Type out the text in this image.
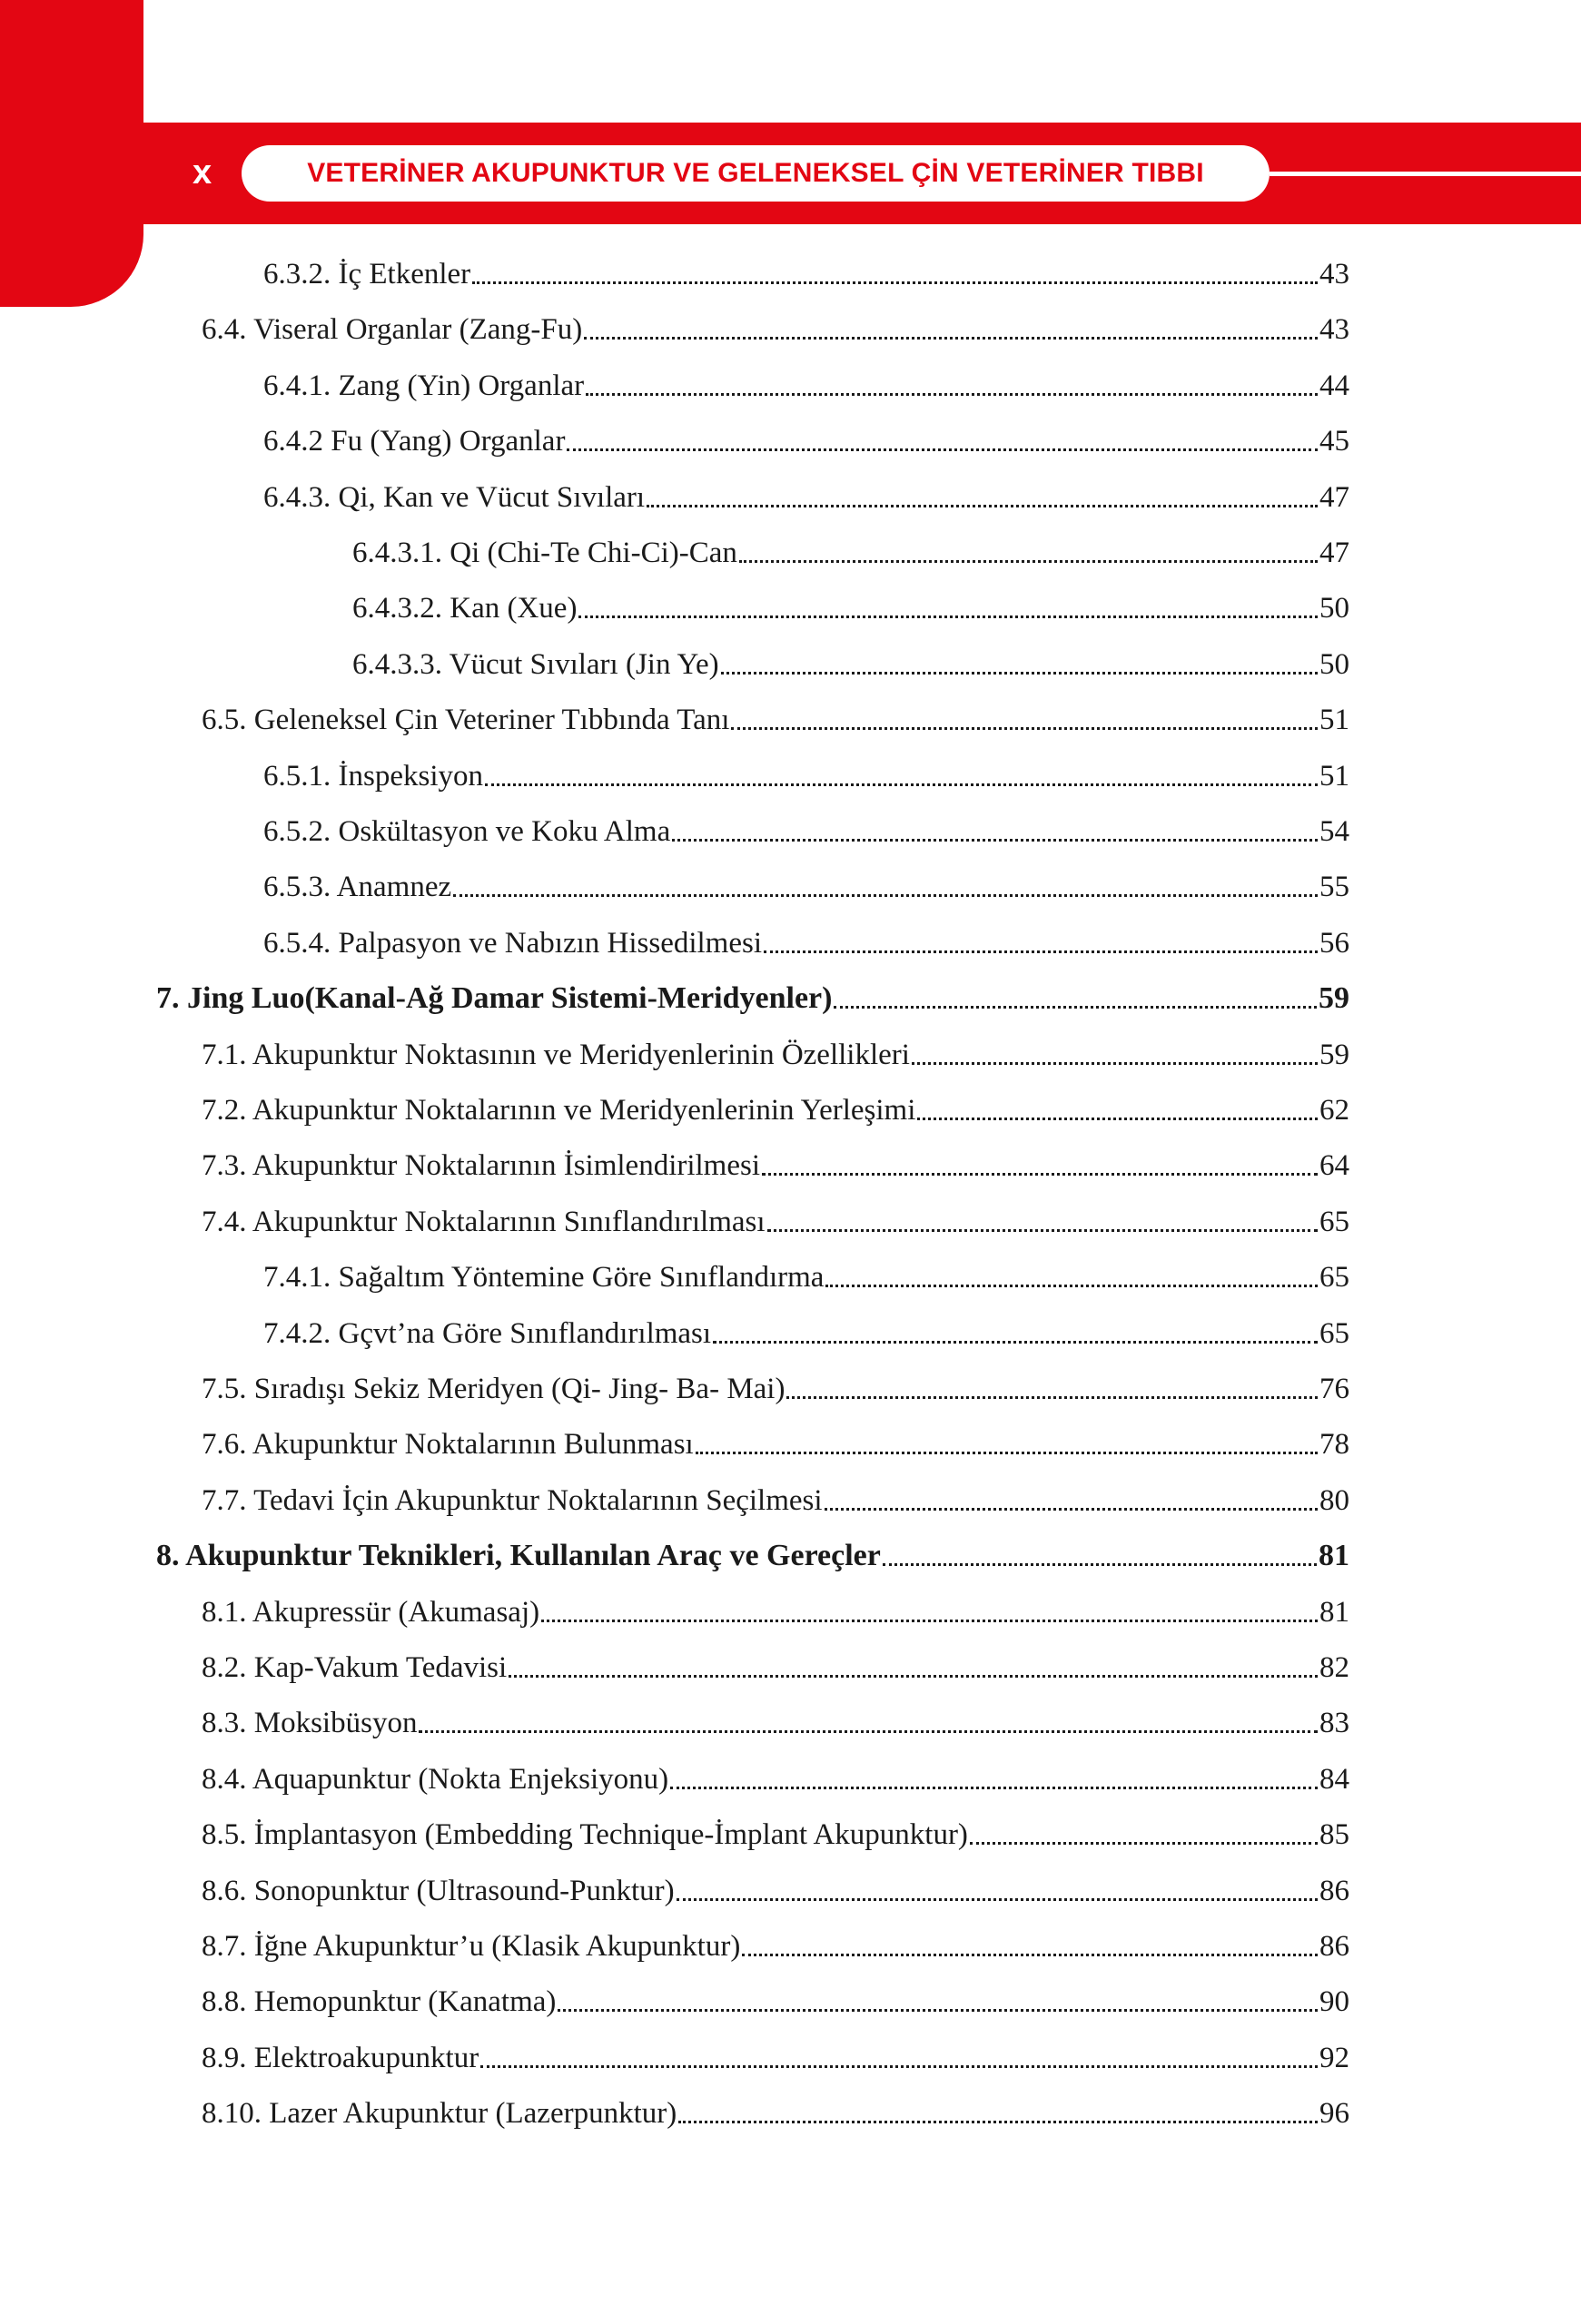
x	VETERİNER AKUPUNKTUR VE GELENEKSEL ÇİN VETERİNER TIBBI
6.3.2. İç Etkenler	43
6.4. Viseral Organlar (Zang-Fu)	43
6.4.1. Zang (Yin) Organlar	44
6.4.2 Fu (Yang) Organlar	45
6.4.3. Qi, Kan ve Vücut Sıvıları	47
6.4.3.1. Qi (Chi-Te Chi-Ci)-Can	47
6.4.3.2. Kan (Xue)	50
6.4.3.3. Vücut Sıvıları (Jin Ye)	50
6.5. Geleneksel Çin Veteriner Tıbbında Tanı	51
6.5.1. İnspeksiyon	51
6.5.2. Oskültasyon ve Koku Alma	54
6.5.3. Anamnez	55
6.5.4. Palpasyon ve Nabızın Hissedilmesi	56
7. Jing Luo(Kanal-Ağ Damar Sistemi-Meridyenler)	59
7.1. Akupunktur Noktasının ve Meridyenlerinin Özellikleri	59
7.2. Akupunktur Noktalarının ve Meridyenlerinin Yerleşimi	62
7.3. Akupunktur Noktalarının İsimlendirilmesi	64
7.4. Akupunktur Noktalarının Sınıflandırılması	65
7.4.1. Sağaltım Yöntemine Göre Sınıflandırma	65
7.4.2. Gçvt’na Göre Sınıflandırılması	65
7.5. Sıradışı Sekiz Meridyen (Qi- Jing- Ba- Mai)	76
7.6. Akupunktur Noktalarının Bulunması	78
7.7. Tedavi İçin Akupunktur Noktalarının Seçilmesi	80
8. Akupunktur Teknikleri, Kullanılan Araç ve Gereçler	81
8.1. Akupressür (Akumasaj)	81
8.2. Kap-Vakum Tedavisi	82
8.3. Moksibüsyon	83
8.4. Aquapunktur (Nokta Enjeksiyonu)	84
8.5. İmplantasyon (Embedding Technique-İmplant Akupunktur)	85
8.6. Sonopunktur (Ultrasound-Punktur)	86
8.7. İğne Akupunktur’u (Klasik Akupunktur)	86
8.8. Hemopunktur (Kanatma)	90
8.9. Elektroakupunktur	92
8.10. Lazer Akupunktur (Lazerpunktur)	96
